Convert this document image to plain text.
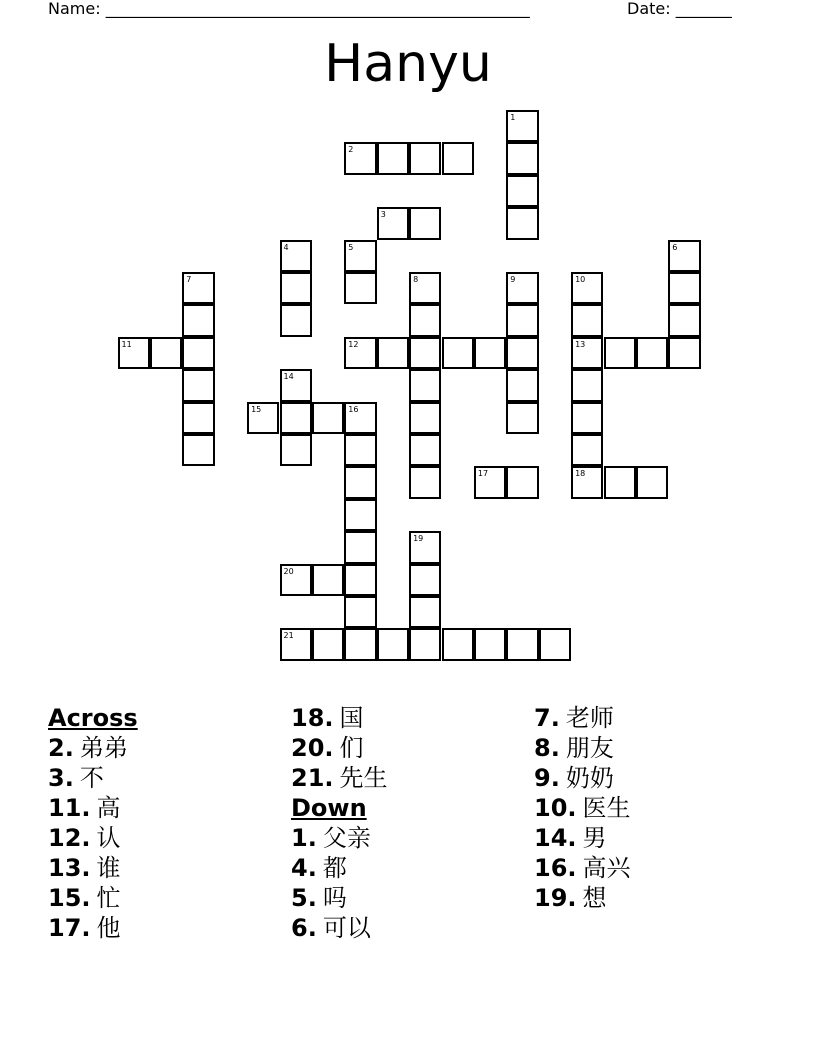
Name: _____________________________________________________	Date: _______
Hanyu
2
3
11	12	13
15	16
17	18
20
21
1
4	5	6
7	8	9	10
14
19
Across
2. 弟弟
3. 不
11. 高
12. 认
13. 谁
15. 忙
17. 他
18. 国
20. 们
21. 先生
Down
1. 父亲
4. 都
5. 吗
6. 可以
7. 老师
8. 朋友
9. 奶奶
10. 医生
14. 男
16. 高兴
19. 想
